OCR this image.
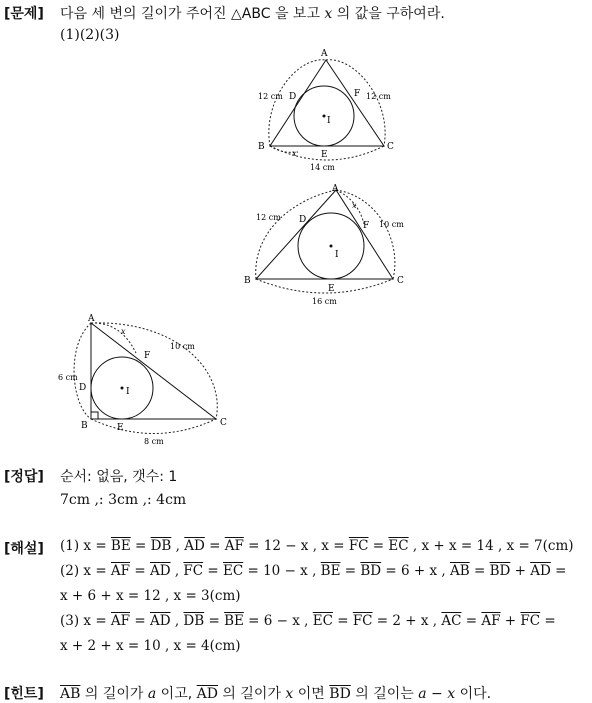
[문제] 다음 세 변의 길이가 주어진 △ABC 을 보고 x 의 값을 구하여라.
(1)(2)(3)
A
B	C
D
E
F
I
12 cm	12 cm
14 cm
x
A
B	C
D
E
F
I
12 cm
10 cm
16 cm
x
A
B	C
D
E
F
I
6 cm
10 cm
8 cm
x
[정답] 순서: 없음, 갯수: 1
7cm ,: 3cm ,: 4cm
[해설] (1) $x = \overline{BE} = \overline{DB}$ , $\overline{AD} = \overline{AF} = 12 - x$ , $x = \overline{FC} = \overline{EC}$ , x + x = 14 , x = 7(cm)
(2) $x = \overline{AF} = \overline{AD}$ , $\overline{FC} = \overline{EC} = 10 - x$ , $\overline{BE} = \overline{BD} = 6 + x$ , $\overline{AB} = \overline{BD} + \overline{AD}$ =
x + 6 + x = 12 , x = 3(cm)
(3) $x = \overline{AF} = \overline{AD}$ , $\overline{DB} = \overline{BE} = 6 - x$ , $\overline{EC} = \overline{FC} = 2 + x$ , $\overline{AC} = \overline{AF} + \overline{FC}$ =
x + 2 + x = 10 , x = 4(cm)
[힌트] $\overline{AB}$ 의 길이가 a 이고, $\overline{AD}$ 의 길이가 x 이면 $\overline{BD}$ 의 길이는 a − x 이다.
